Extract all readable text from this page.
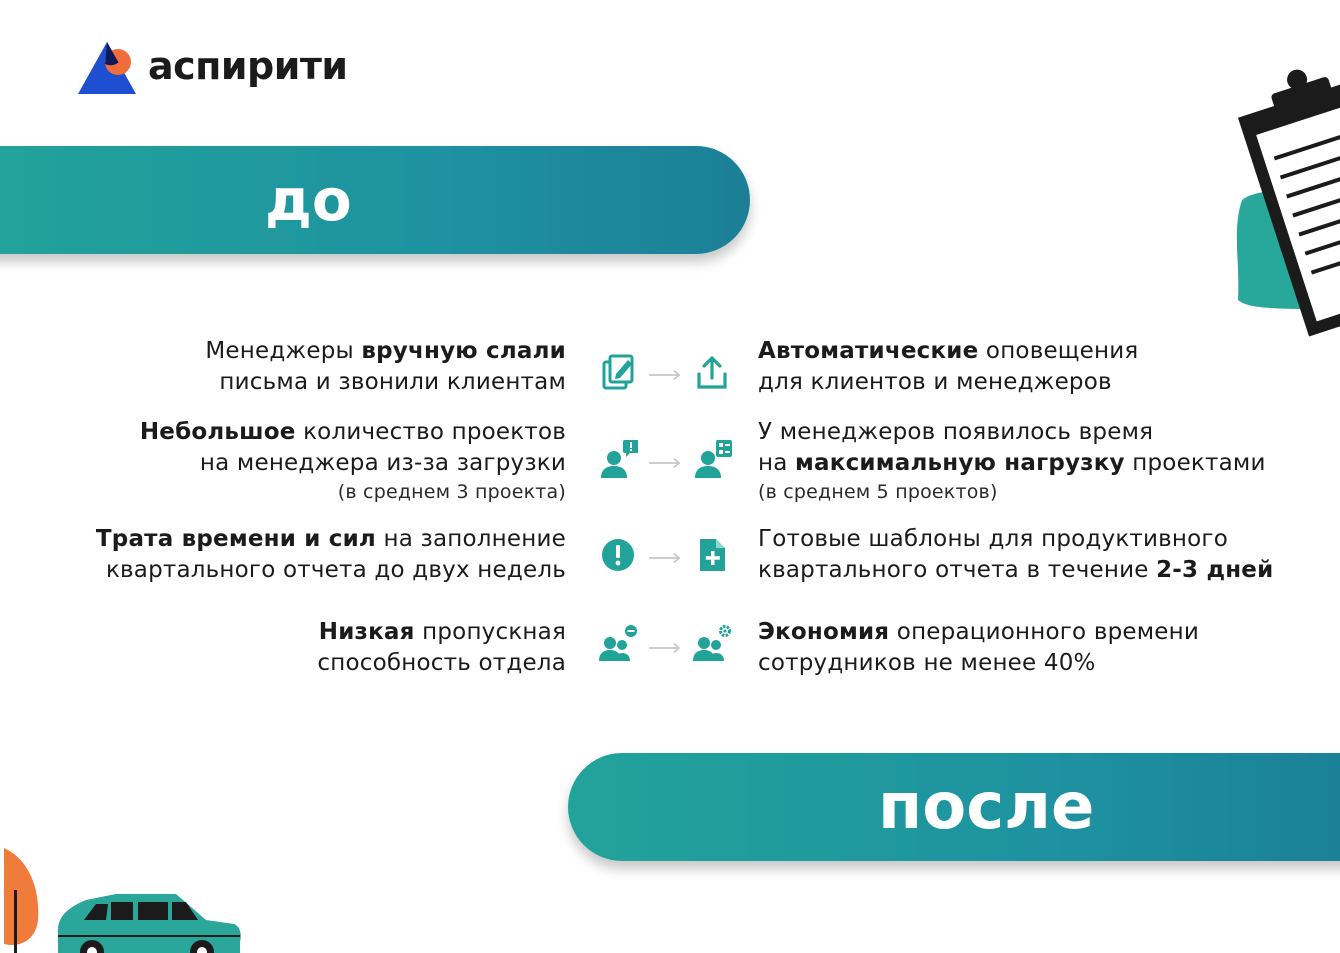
аспирити
до
после
Менеджеры вручную слали
письма и звонили клиентам
Автоматические оповещения
для клиентов и менеджеров
Небольшое количество проектов
на менеджера из-за загрузки
(в среднем 3 проекта)
У менеджеров появилось время
на максимальную нагрузку проектами
(в среднем 5 проектов)
Трата времени и сил на заполнение
квартального отчета до двух недель
Готовые шаблоны для продуктивного
квартального отчета в течение 2-3 дней
Низкая пропускная
способность отдела
Экономия операционного времени
сотрудников не менее 40%
